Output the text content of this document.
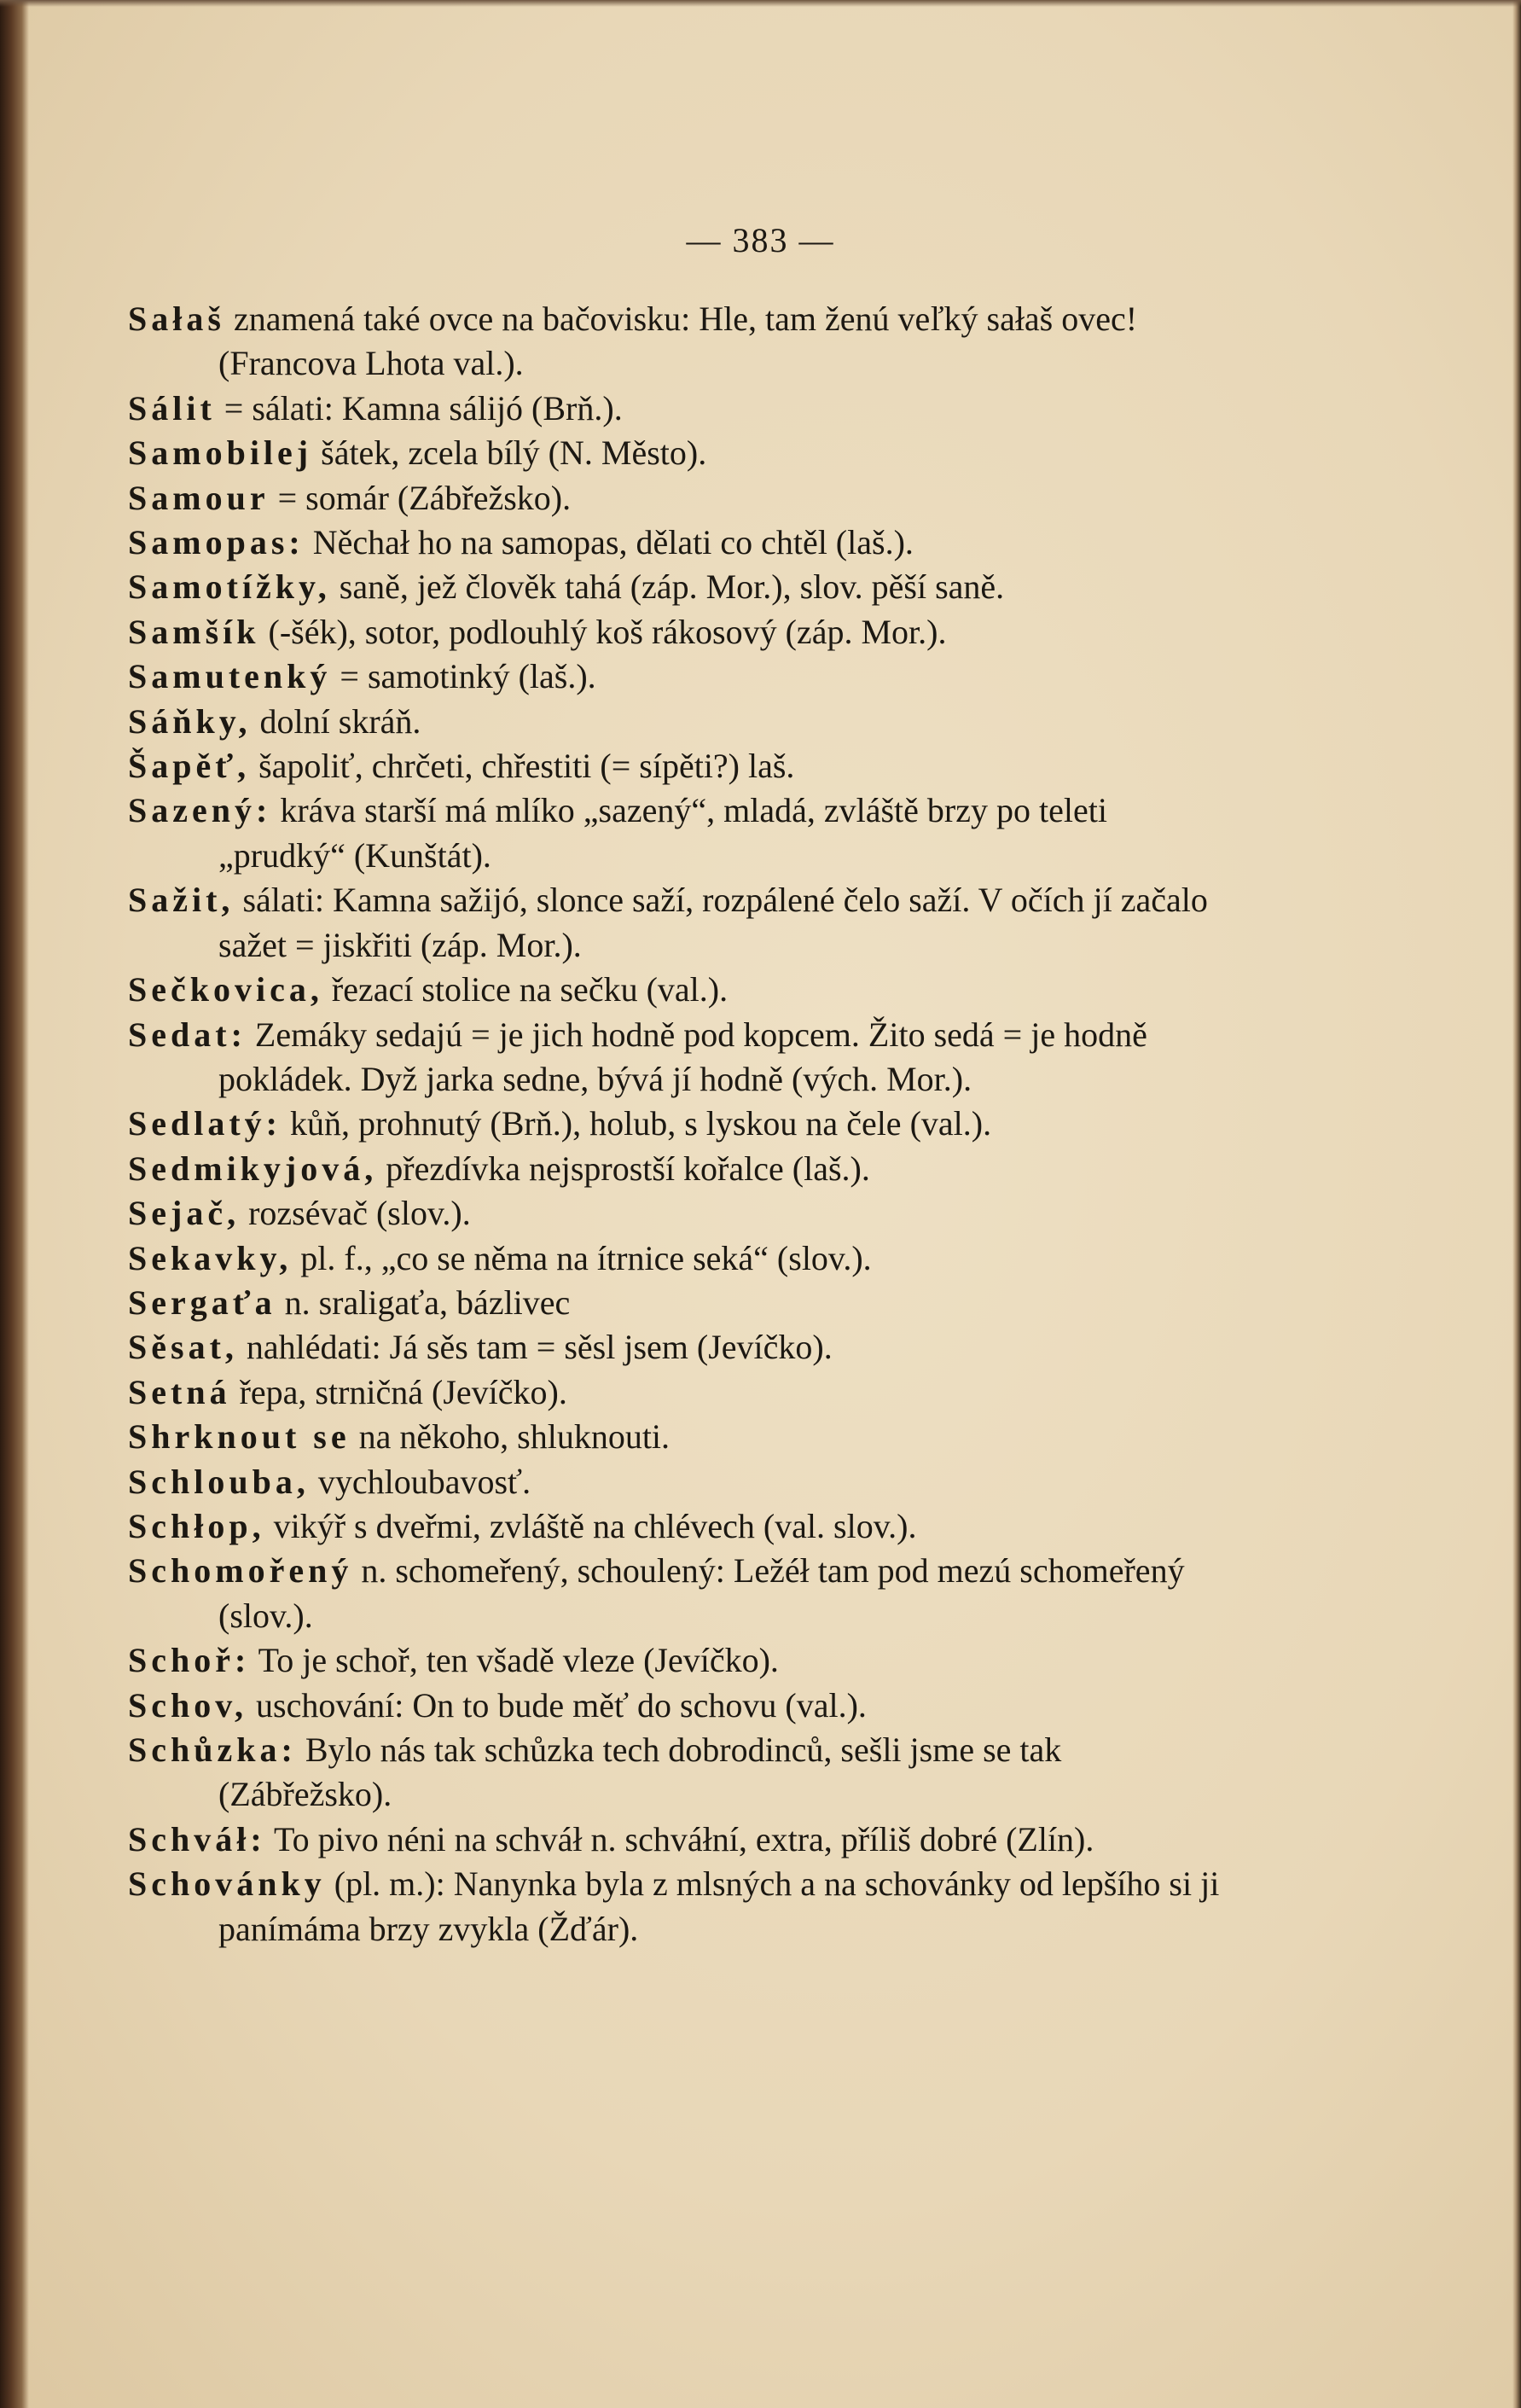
— 383 —

Sałaš znamená také ovce na bačovisku: Hle, tam ženú veľký sałaš ovec! (Francova Lhota val.).

Sálit = sálati: Kamna sálijó (Brň.).

Samobilej šátek, zcela bílý (N. Město).

Samour = somár (Zábřežsko).

Samopas: Něchał ho na samopas, dělati co chtěl (laš.).

Samotížky, saně, jež člověk tahá (záp. Mor.), slov. pěší saně.

Samšík (-šék), sotor, podlouhlý koš rákosový (záp. Mor.).

Samutenký = samotinký (laš.).

Sáňky, dolní skráň.

Šapěť, šapoliť, chrčeti, chřestiti (= sípěti?) laš.

Sazený: kráva starší má mlíko „sazený“, mladá, zvláště brzy po teleti „prudký“ (Kunštát).

Sažit, sálati: Kamna sažijó, slonce saží, rozpálené čelo saží. V očích jí začalo sažet = jiskřiti (záp. Mor.).

Sečkovica, řezací stolice na sečku (val.).

Sedat: Zemáky sedajú = je jich hodně pod kopcem. Žito sedá = je hodně pokládek. Dyž jarka sedne, bývá jí hodně (vých. Mor.).

Sedlatý: kůň, prohnutý (Brň.), holub, s lyskou na čele (val.).

Sedmikyjová, přezdívka nejsprostší kořalce (laš.).

Sejač, rozsévač (slov.).

Sekavky, pl. f., „co se něma na ítrnice seká“ (slov.).

Sergaťa n. sraligaťa, bázlivec

Sěsat, nahlédati: Já sěs tam = sěsl jsem (Jevíčko).

Setná řepa, strničná (Jevíčko).

Shrknout se na někoho, shluknouti.

Schlouba, vychloubavosť.

Schłop, vikýř s dveřmi, zvláště na chlévech (val. slov.).

Schomořený n. schomeřený, schoulený: Ležéł tam pod mezú schomeřený (slov.).

Schoř: To je schoř, ten všadě vleze (Jevíčko).

Schov, uschování: On to bude měť do schovu (val.).

Schůzka: Bylo nás tak schůzka tech dobrodinců, sešli jsme se tak (Zábřežsko).

Schváł: To pivo néni na schváł n. schváłní, extra, příliš dobré (Zlín).

Schovánky (pl. m.): Nanynka byla z mlsných a na schovánky od lepšího si ji panímáma brzy zvykla (Žďár).
